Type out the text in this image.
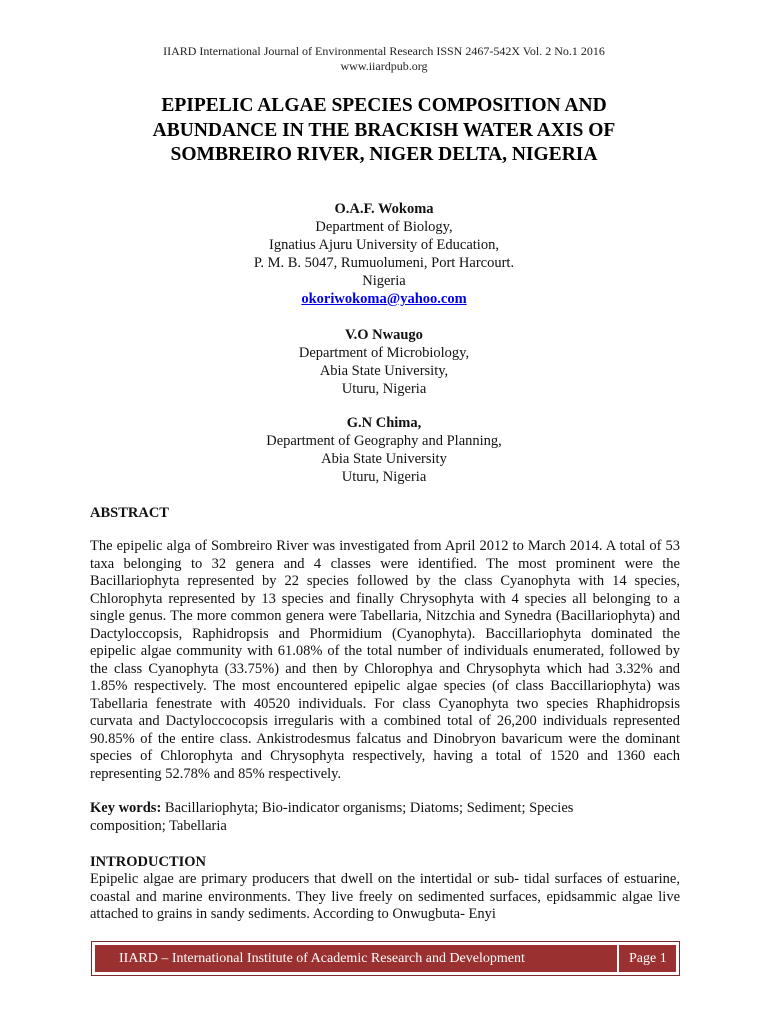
IIARD International Journal of Environmental Research ISSN 2467-542X Vol. 2 No.1 2016
www.iiardpub.org
EPIPELIC ALGAE SPECIES COMPOSITION AND ABUNDANCE IN THE BRACKISH WATER AXIS OF SOMBREIRO RIVER, NIGER DELTA, NIGERIA
O.A.F. Wokoma
Department of Biology,
Ignatius Ajuru University of Education,
P. M. B. 5047, Rumuolumeni, Port Harcourt.
Nigeria
okoriwokoma@yahoo.com
V.O Nwaugo
Department of Microbiology,
Abia State University,
Uturu, Nigeria
G.N Chima,
Department of Geography and Planning,
Abia State University
Uturu, Nigeria
ABSTRACT
The epipelic alga of Sombreiro River was investigated from April 2012 to March 2014. A total of 53 taxa belonging to 32 genera and 4 classes were identified. The most prominent were the Bacillariophyta represented by 22 species followed by the class Cyanophyta with 14 species, Chlorophyta represented by 13 species and finally Chrysophyta with 4 species all belonging to a single genus. The more common genera were Tabellaria, Nitzchia and Synedra (Bacillariophyta) and Dactyloccopsis, Raphidropsis and Phormidium (Cyanophyta). Baccillariophyta dominated the epipelic algae community with 61.08% of the total number of individuals enumerated, followed by the class Cyanophyta (33.75%) and then by Chlorophya and Chrysophyta which had 3.32% and 1.85% respectively. The most encountered epipelic algae species (of class Baccillariophyta) was Tabellaria fenestrate with 40520 individuals. For class Cyanophyta two species Rhaphidropsis curvata and Dactyloccocopsis irregularis with a combined total of 26,200 individuals represented 90.85% of the entire class. Ankistrodesmus falcatus and Dinobryon bavaricum were the dominant species of Chlorophyta and Chrysophyta respectively, having a total of 1520 and 1360 each representing 52.78% and 85% respectively.
Key words: Bacillariophyta; Bio-indicator organisms; Diatoms; Sediment; Species composition; Tabellaria
INTRODUCTION
Epipelic algae are primary producers that dwell on the intertidal or sub- tidal surfaces of estuarine, coastal and marine environments. They live freely on sedimented surfaces, epidsammic algae live attached to grains in sandy sediments. According to Onwugbuta- Enyi
IIARD – International Institute of Academic Research and Development	Page 1
